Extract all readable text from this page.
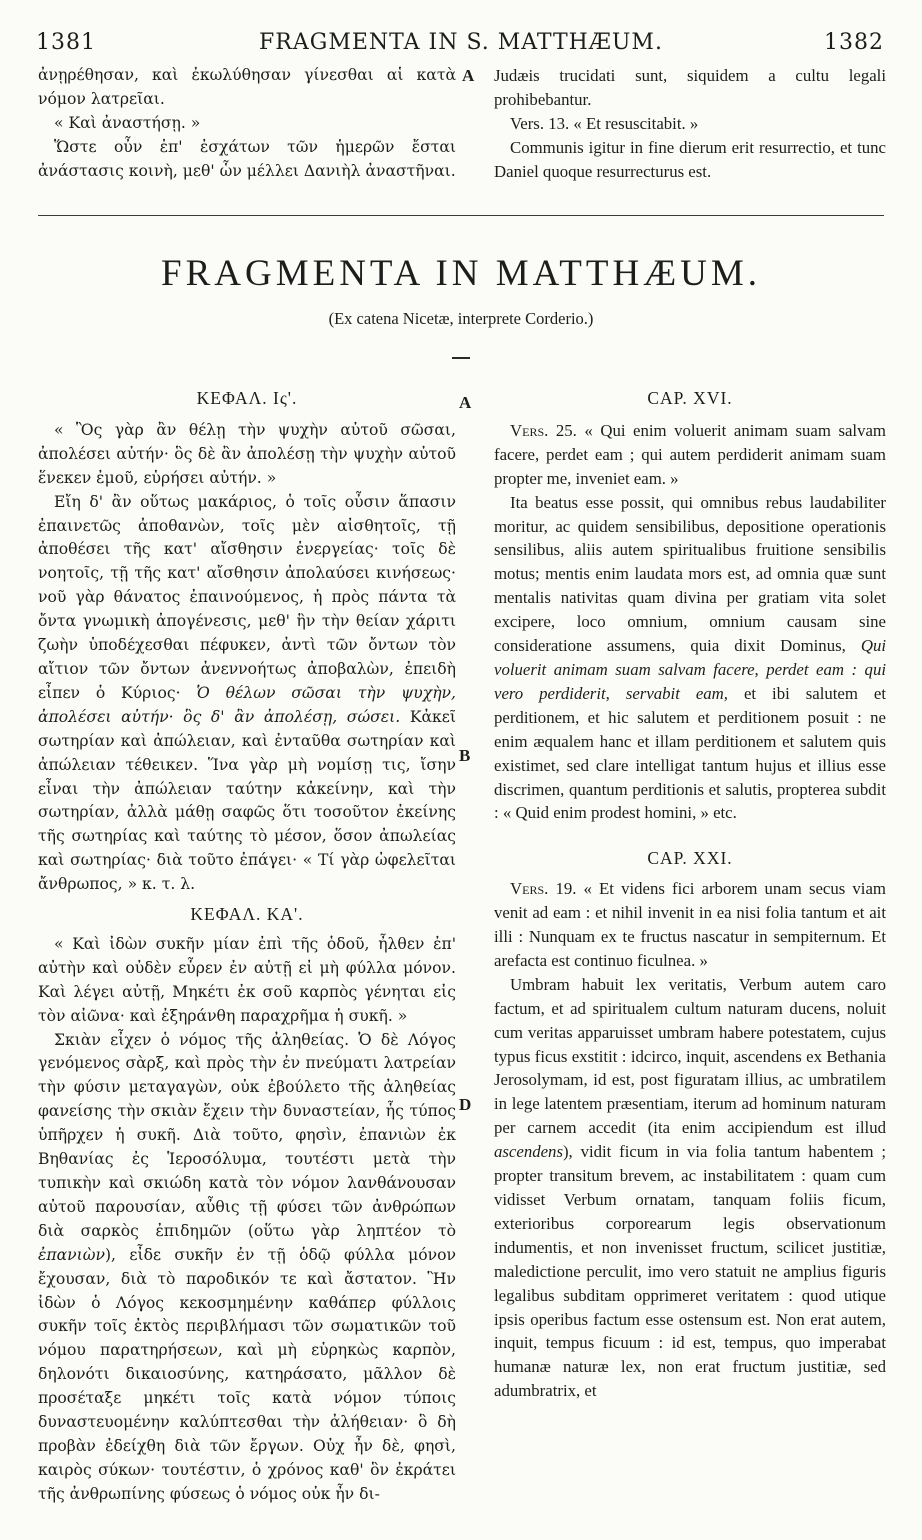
1381	FRAGMENTA IN S. MATTHÆUM.	1382

ἀνῃρέθησαν, καὶ ἐκωλύθησαν γίνεσθαι αἱ κατὰ νόμον λατρεῖαι.

« Καὶ ἀναστήσῃ. »

Ὥστε οὖν ἐπ' ἐσχάτων τῶν ἡμερῶν ἔσται ἀνάστασις κοινὴ, μεθ' ὧν μέλλει Δανιὴλ ἀναστῆναι.

A Judæis trucidati sunt, siquidem a cultu legali prohibebantur.

Vers. 13. « Et resuscitabit. »

Communis igitur in fine dierum erit resurrectio, et tunc Daniel quoque resurrecturus est.

FRAGMENTA IN MATTHÆUM.
(Ex catena Nicetæ, interprete Corderio.)
A
B
D
ΚΕΦΑΛ. Ις'.

« Ὃς γὰρ ἂν θέλῃ τὴν ψυχὴν αὐτοῦ σῶσαι, ἀπολέσει αὐτήν· ὃς δὲ ἂν ἀπολέσῃ τὴν ψυχὴν αὐτοῦ ἕνεκεν ἐμοῦ, εὑρήσει αὐτήν. »

Εἴη δ' ἂν οὕτως μακάριος, ὁ τοῖς οὖσιν ἅπασιν ἐπαινετῶς ἀποθανὼν, τοῖς μὲν αἰσθητοῖς, τῇ ἀποθέσει τῆς κατ' αἴσθησιν ἐνεργείας· τοῖς δὲ νοητοῖς, τῇ τῆς κατ' αἴσθησιν ἀπολαύσει κινήσεως· νοῦ γὰρ θάνατος ἐπαινούμενος, ἡ πρὸς πάντα τὰ ὄντα γνωμικὴ ἀπογένεσις, μεθ' ἣν τὴν θείαν χάριτι ζωὴν ὑποδέχεσθαι πέφυκεν, ἀντὶ τῶν ὄντων τὸν αἴτιον τῶν ὄντων ἀνεννοήτως ἀποβαλὼν, ἐπειδὴ εἶπεν ὁ Κύριος· Ὁ θέλων σῶσαι τὴν ψυχὴν, ἀπολέσει αὐτήν· ὃς δ' ἂν ἀπολέσῃ, σώσει. Κἀκεῖ σωτηρίαν καὶ ἀπώλειαν, καὶ ἐνταῦθα σωτηρίαν καὶ ἀπώλειαν τέθεικεν. Ἵνα γὰρ μὴ νομίσῃ τις, ἴσην εἶναι τὴν ἀπώλειαν ταύτην κἀκείνην, καὶ τὴν σωτηρίαν, ἀλλὰ μάθῃ σαφῶς ὅτι τοσοῦτον ἐκείνης τῆς σωτηρίας καὶ ταύτης τὸ μέσον, ὅσον ἀπωλείας καὶ σωτηρίας· διὰ τοῦτο ἐπάγει· « Τί γὰρ ὠφελεῖται ἄνθρωπος, » κ. τ. λ.

ΚΕΦΑΛ. ΚΑ'.

« Καὶ ἰδὼν συκῆν μίαν ἐπὶ τῆς ὁδοῦ, ἦλθεν ἐπ' αὐτὴν καὶ οὐδὲν εὗρεν ἐν αὐτῇ εἰ μὴ φύλλα μόνον. Καὶ λέγει αὐτῇ, Μηκέτι ἐκ σοῦ καρπὸς γένηται εἰς τὸν αἰῶνα· καὶ ἐξηράνθη παραχρῆμα ἡ συκῆ. »

Σκιὰν εἶχεν ὁ νόμος τῆς ἀληθείας. Ὁ δὲ Λόγος γενόμενος σὰρξ, καὶ πρὸς τὴν ἐν πνεύματι λατρείαν τὴν φύσιν μεταγαγὼν, οὐκ ἐβούλετο τῆς ἀληθείας φανείσης τὴν σκιὰν ἔχειν τὴν δυναστείαν, ἧς τύπος ὑπῆρχεν ἡ συκῆ. Διὰ τοῦτο, φησὶν, ἐπανιὼν ἐκ Βηθανίας ἐς Ἱεροσόλυμα, τουτέστι μετὰ τὴν τυπικὴν καὶ σκιώδη κατὰ τὸν νόμον λανθάνουσαν αὐτοῦ παρουσίαν, αὖθις τῇ φύσει τῶν ἀνθρώπων διὰ σαρκὸς ἐπιδημῶν (οὕτω γὰρ ληπτέον τὸ ἐπανιὼν), εἶδε συκῆν ἐν τῇ ὁδῷ φύλλα μόνον ἔχουσαν, διὰ τὸ παροδικόν τε καὶ ἄστατον. Ἣν ἰδὼν ὁ Λόγος κεκοσμημένην καθάπερ φύλλοις συκῆν τοῖς ἐκτὸς περιβλήμασι τῶν σωματικῶν τοῦ νόμου παρατηρήσεων, καὶ μὴ εὑρηκὼς καρπὸν, δηλονότι δικαιοσύνης, κατηράσατο, μᾶλλον δὲ προσέταξε μηκέτι τοῖς κατὰ νόμον τύποις δυναστευομένην καλύπτεσθαι τὴν ἀλήθειαν· ὃ δὴ προβὰν ἐδείχθη διὰ τῶν ἔργων. Οὐχ ἦν δὲ, φησὶ, καιρὸς σύκων· τουτέστιν, ὁ χρόνος καθ' ὃν ἐκράτει τῆς ἀνθρωπίνης φύσεως ὁ νόμος οὐκ ἦν δι-

CAP. XVI.

Vers. 25. « Qui enim voluerit animam suam salvam facere, perdet eam ; qui autem perdiderit animam suam propter me, inveniet eam. »

Ita beatus esse possit, qui omnibus rebus laudabiliter moritur, ac quidem sensibilibus, depositione operationis sensilibus, aliis autem spiritualibus fruitione sensibilis motus; mentis enim laudata mors est, ad omnia quæ sunt mentalis nativitas quam divina per gratiam vita solet excipere, loco omnium, omnium causam sine consideratione assumens, quia dixit Dominus, Qui voluerit animam suam salvam facere, perdet eam : qui vero perdiderit, servabit eam, et ibi salutem et perditionem, et hic salutem et perditionem posuit : ne enim æqualem hanc et illam perditionem et salutem quis existimet, sed clare intelligat tantum hujus et illius esse discrimen, quantum perditionis et salutis, propterea subdit : « Quid enim prodest homini, » etc.

CAP. XXI.

Vers. 19. « Et videns fici arborem unam secus viam venit ad eam : et nihil invenit in ea nisi folia tantum et ait illi : Nunquam ex te fructus nascatur in sempiternum. Et arefacta est continuo ficulnea. »

Umbram habuit lex veritatis, Verbum autem caro factum, et ad spiritualem cultum naturam ducens, noluit cum veritas apparuisset umbram habere potestatem, cujus typus ficus exstitit : idcirco, inquit, ascendens ex Bethania Jerosolymam, id est, post figuratam illius, ac umbratilem in lege latentem præsentiam, iterum ad hominum naturam per carnem accedit (ita enim accipiendum est illud ascendens), vidit ficum in via folia tantum habentem ; propter transitum brevem, ac instabilitatem : quam cum vidisset Verbum ornatam, tanquam foliis ficum, exterioribus corporearum legis observationum indumentis, et non invenisset fructum, scilicet justitiæ, maledictione perculit, imo vero statuit ne amplius figuris legalibus subditam opprimeret veritatem : quod utique ipsis operibus factum esse ostensum est. Non erat autem, inquit, tempus ficuum : id est, tempus, quo imperabat humanæ naturæ lex, non erat fructum justitiæ, sed adumbratrix, et
